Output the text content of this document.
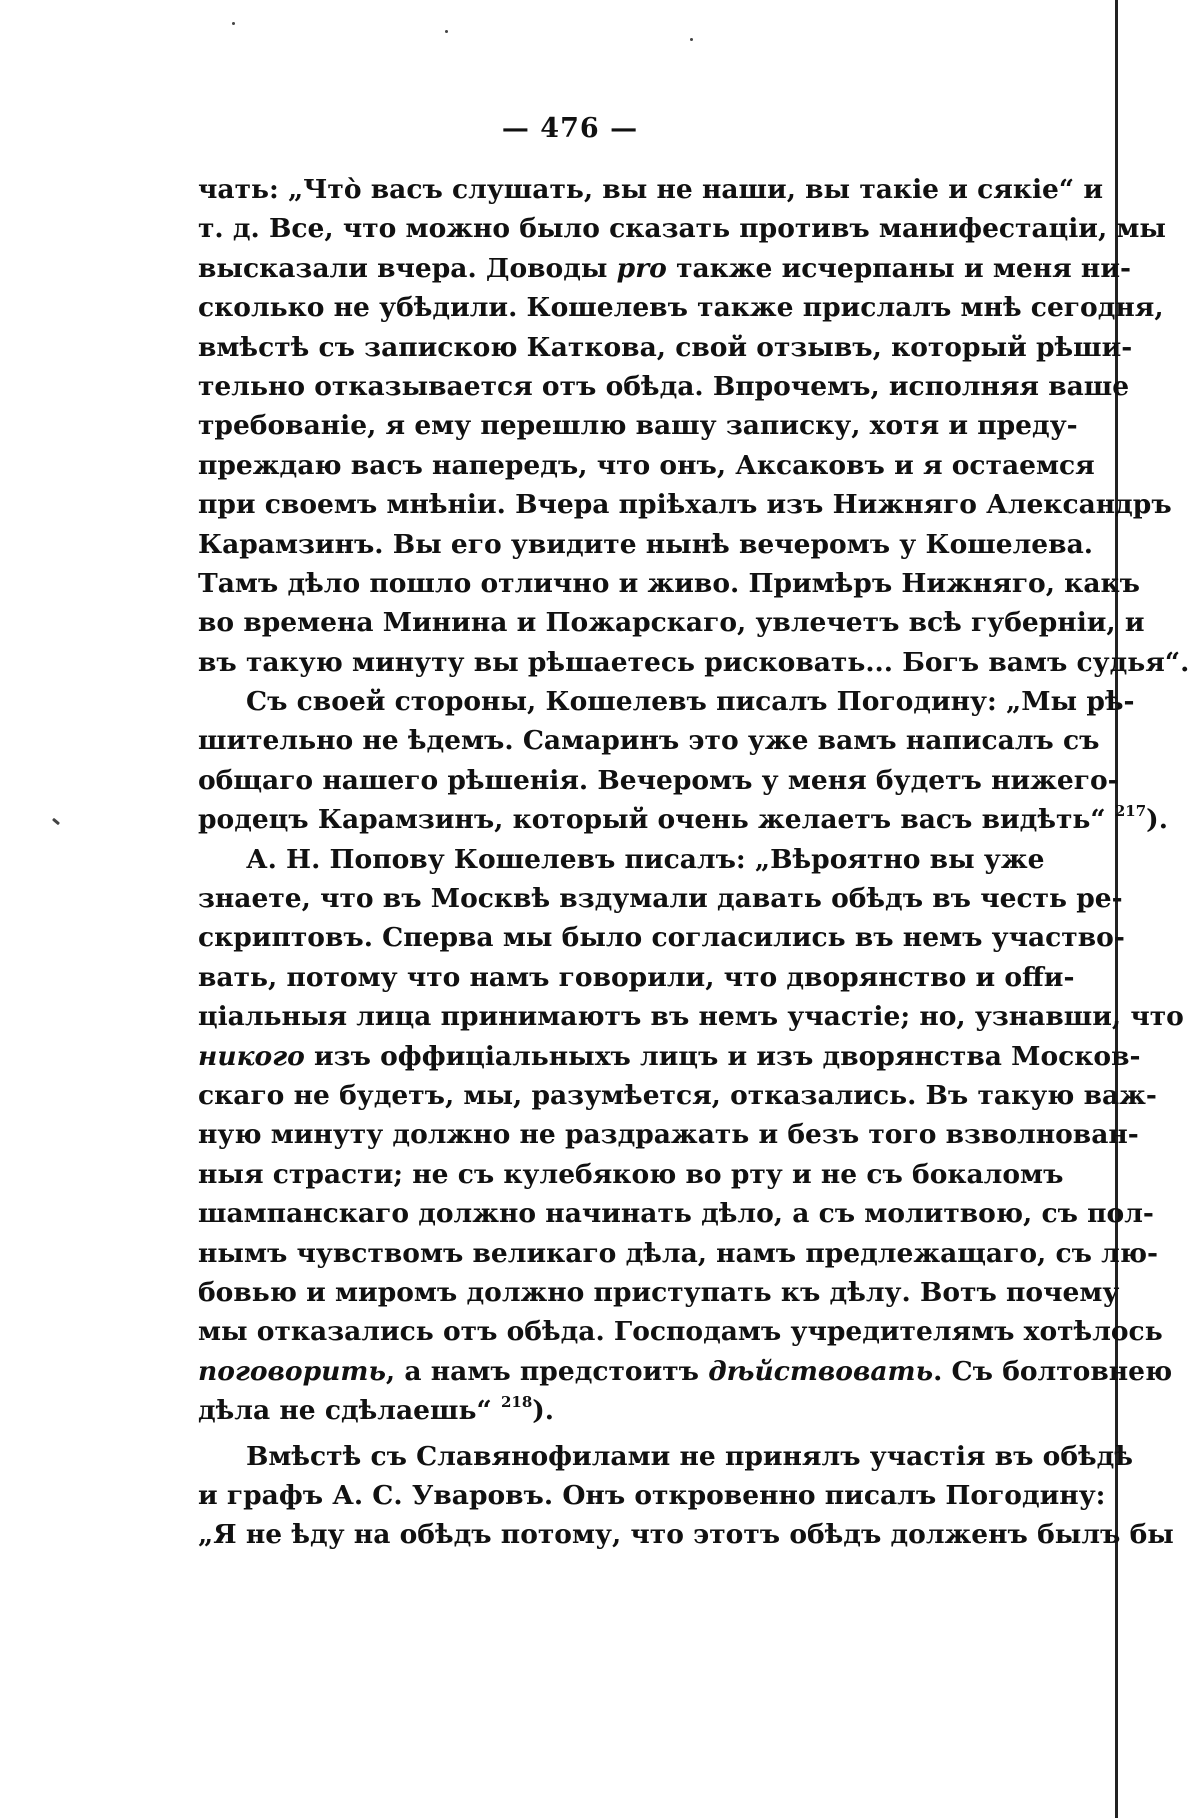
— 476 —
чать: „Чтò васъ слушать, вы не наши, вы такіе и сякіе“ и
т. д. Все, что можно было сказать противъ манифестаціи, мы
высказали вчера. Доводы pro также исчерпаны и меня ни-
сколько не убѣдили. Кошелевъ также прислалъ мнѣ сегодня,
вмѣстѣ съ запискою Каткова, свой отзывъ, который рѣши-
тельно отказывается отъ обѣда. Впрочемъ, исполняя ваше
требованіе, я ему перешлю вашу записку, хотя и преду-
преждаю васъ напередъ, что онъ, Аксаковъ и я остаемся
при своемъ мнѣніи. Вчера пріѣхалъ изъ Нижняго Александръ
Карамзинъ. Вы его увидите нынѣ вечеромъ у Кошелева.
Тамъ дѣло пошло отлично и живо. Примѣръ Нижняго, какъ
во времена Минина и Пожарскаго, увлечетъ всѣ губерніи, и
въ такую минуту вы рѣшаетесь рисковать... Богъ вамъ судья“.
Съ своей стороны, Кошелевъ писалъ Погодину: „Мы рѣ-
шительно не ѣдемъ. Самаринъ это уже вамъ написалъ съ
общаго нашего рѣшенія. Вечеромъ у меня будетъ нижего-
родецъ Карамзинъ, который очень желаетъ васъ видѣть“ $^{217}$).
А. Н. Попову Кошелевъ писалъ: „Вѣроятно вы уже
знаете, что въ Москвѣ вздумали давать обѣдъ въ честь ре-
скриптовъ. Сперва мы было согласились въ немъ участво-
вать, потому что намъ говорили, что дворянство и offи-
ціальныя лица принимаютъ въ немъ участіе; но, узнавши, что
никого изъ оффиціальныхъ лицъ и изъ дворянства Москов-
скаго не будетъ, мы, разумѣется, отказались. Въ такую важ-
ную минуту должно не раздражать и безъ того взволнован-
ныя страсти; не съ кулебякою во рту и не съ бокаломъ
шампанскаго должно начинать дѣло, а съ молитвою, съ пол-
нымъ чувствомъ великаго дѣла, намъ предлежащаго, съ лю-
бовью и миромъ должно приступать къ дѣлу. Вотъ почему
мы отказались отъ обѣда. Господамъ учредителямъ хотѣлось
поговорить, а намъ предстоитъ дѣйствовать. Съ болтовнею
дѣла не сдѣлаешь“ $^{218}$).
Вмѣстѣ съ Славянофилами не принялъ участія въ обѣдѣ
и графъ А. С. Уваровъ. Онъ откровенно писалъ Погодину:
„Я не ѣду на обѣдъ потому, что этотъ обѣдъ долженъ былъ бы
